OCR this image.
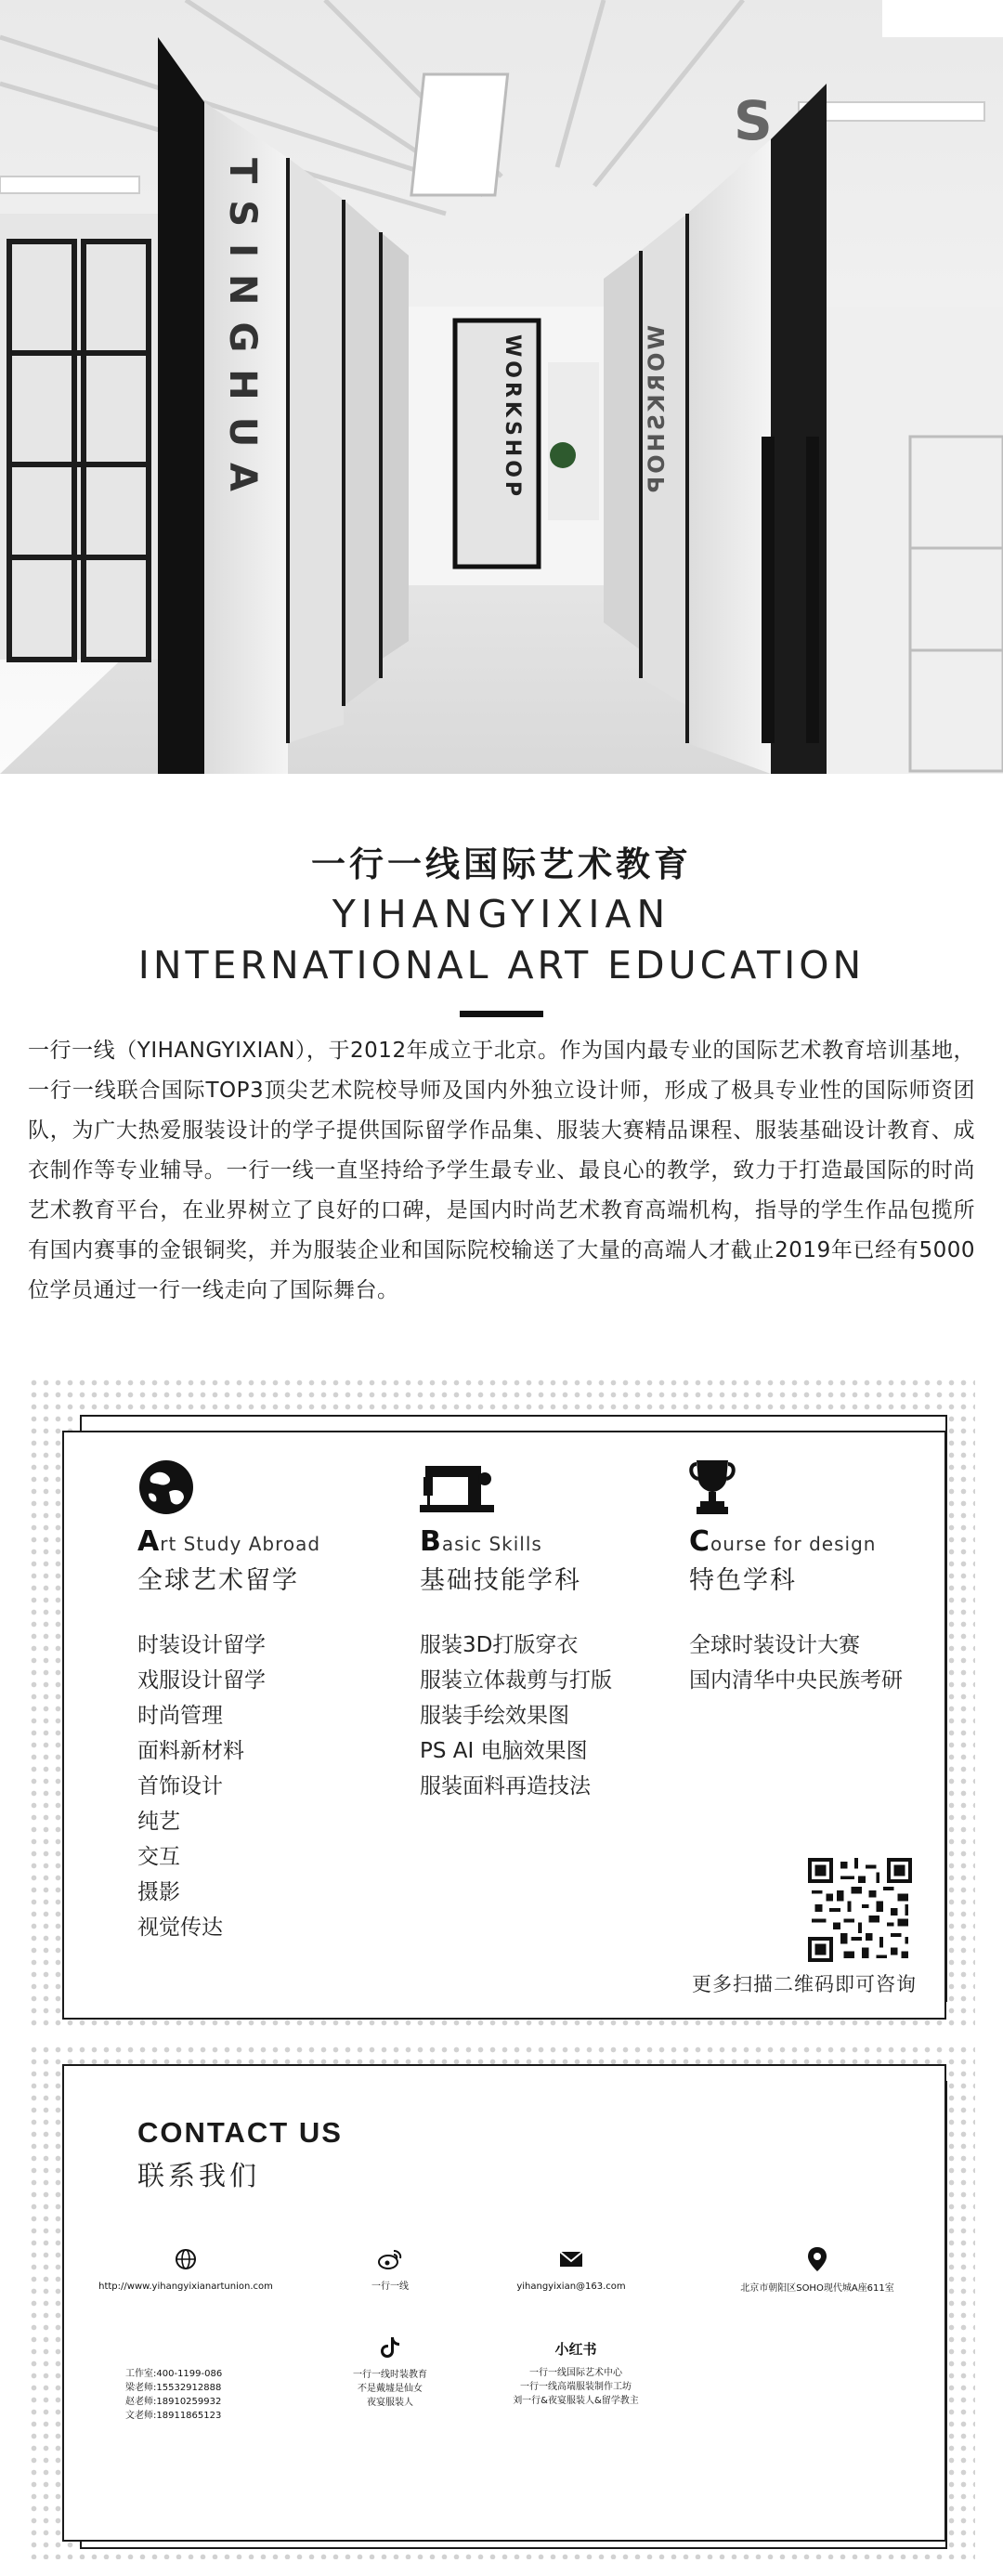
TSINGHUA	WORKSHOP	WORKSHOP
S
一行一线国际艺术教育
YIHANGYIXIAN
INTERNATIONAL ART EDUCATION
一行一线（YIHANGYIXIAN），于2012年成立于北京。作为国内最专业的国际艺术教育培训基地，一行一线联合国际TOP3顶尖艺术院校导师及国内外独立设计师，形成了极具专业性的国际师资团队，为广大热爱服装设计的学子提供国际留学作品集、服装大赛精品课程、服装基础设计教育、成衣制作等专业辅导。一行一线一直坚持给予学生最专业、最良心的教学，致力于打造最国际的时尚艺术教育平台，在业界树立了良好的口碑，是国内时尚艺术教育高端机构，指导的学生作品包揽所有国内赛事的金银铜奖，并为服装企业和国际院校输送了大量的高端人才截止2019年已经有5000位学员通过一行一线走向了国际舞台。
Art Study Abroad
全球艺术留学
时装设计留学
戏服设计留学
时尚管理
面料新材料
首饰设计
纯艺
交互
摄影
视觉传达
Basic Skills
基础技能学科
服装3D打版穿衣
服装立体裁剪与打版
服装手绘效果图
PS AI 电脑效果图
服装面料再造技法
Course for design
特色学科
全球时装设计大赛
国内清华中央民族考研
更多扫描二维码即可咨询
CONTACT US
联系我们
http://www.yihangyixianartunion.com	一行一线	yihangyixian@163.com	北京市朝阳区SOHO现代城A座611室
工作室:400-1199-086
梁老师:15532912888
赵老师:18910259932
文老师:18911865123
一行一线时装教育
不是戴墟是仙女
夜宴服装人
小红书
一行一线国际艺术中心
一行一线高端服装制作工坊
刘一行&夜宴服装人&留学教主
